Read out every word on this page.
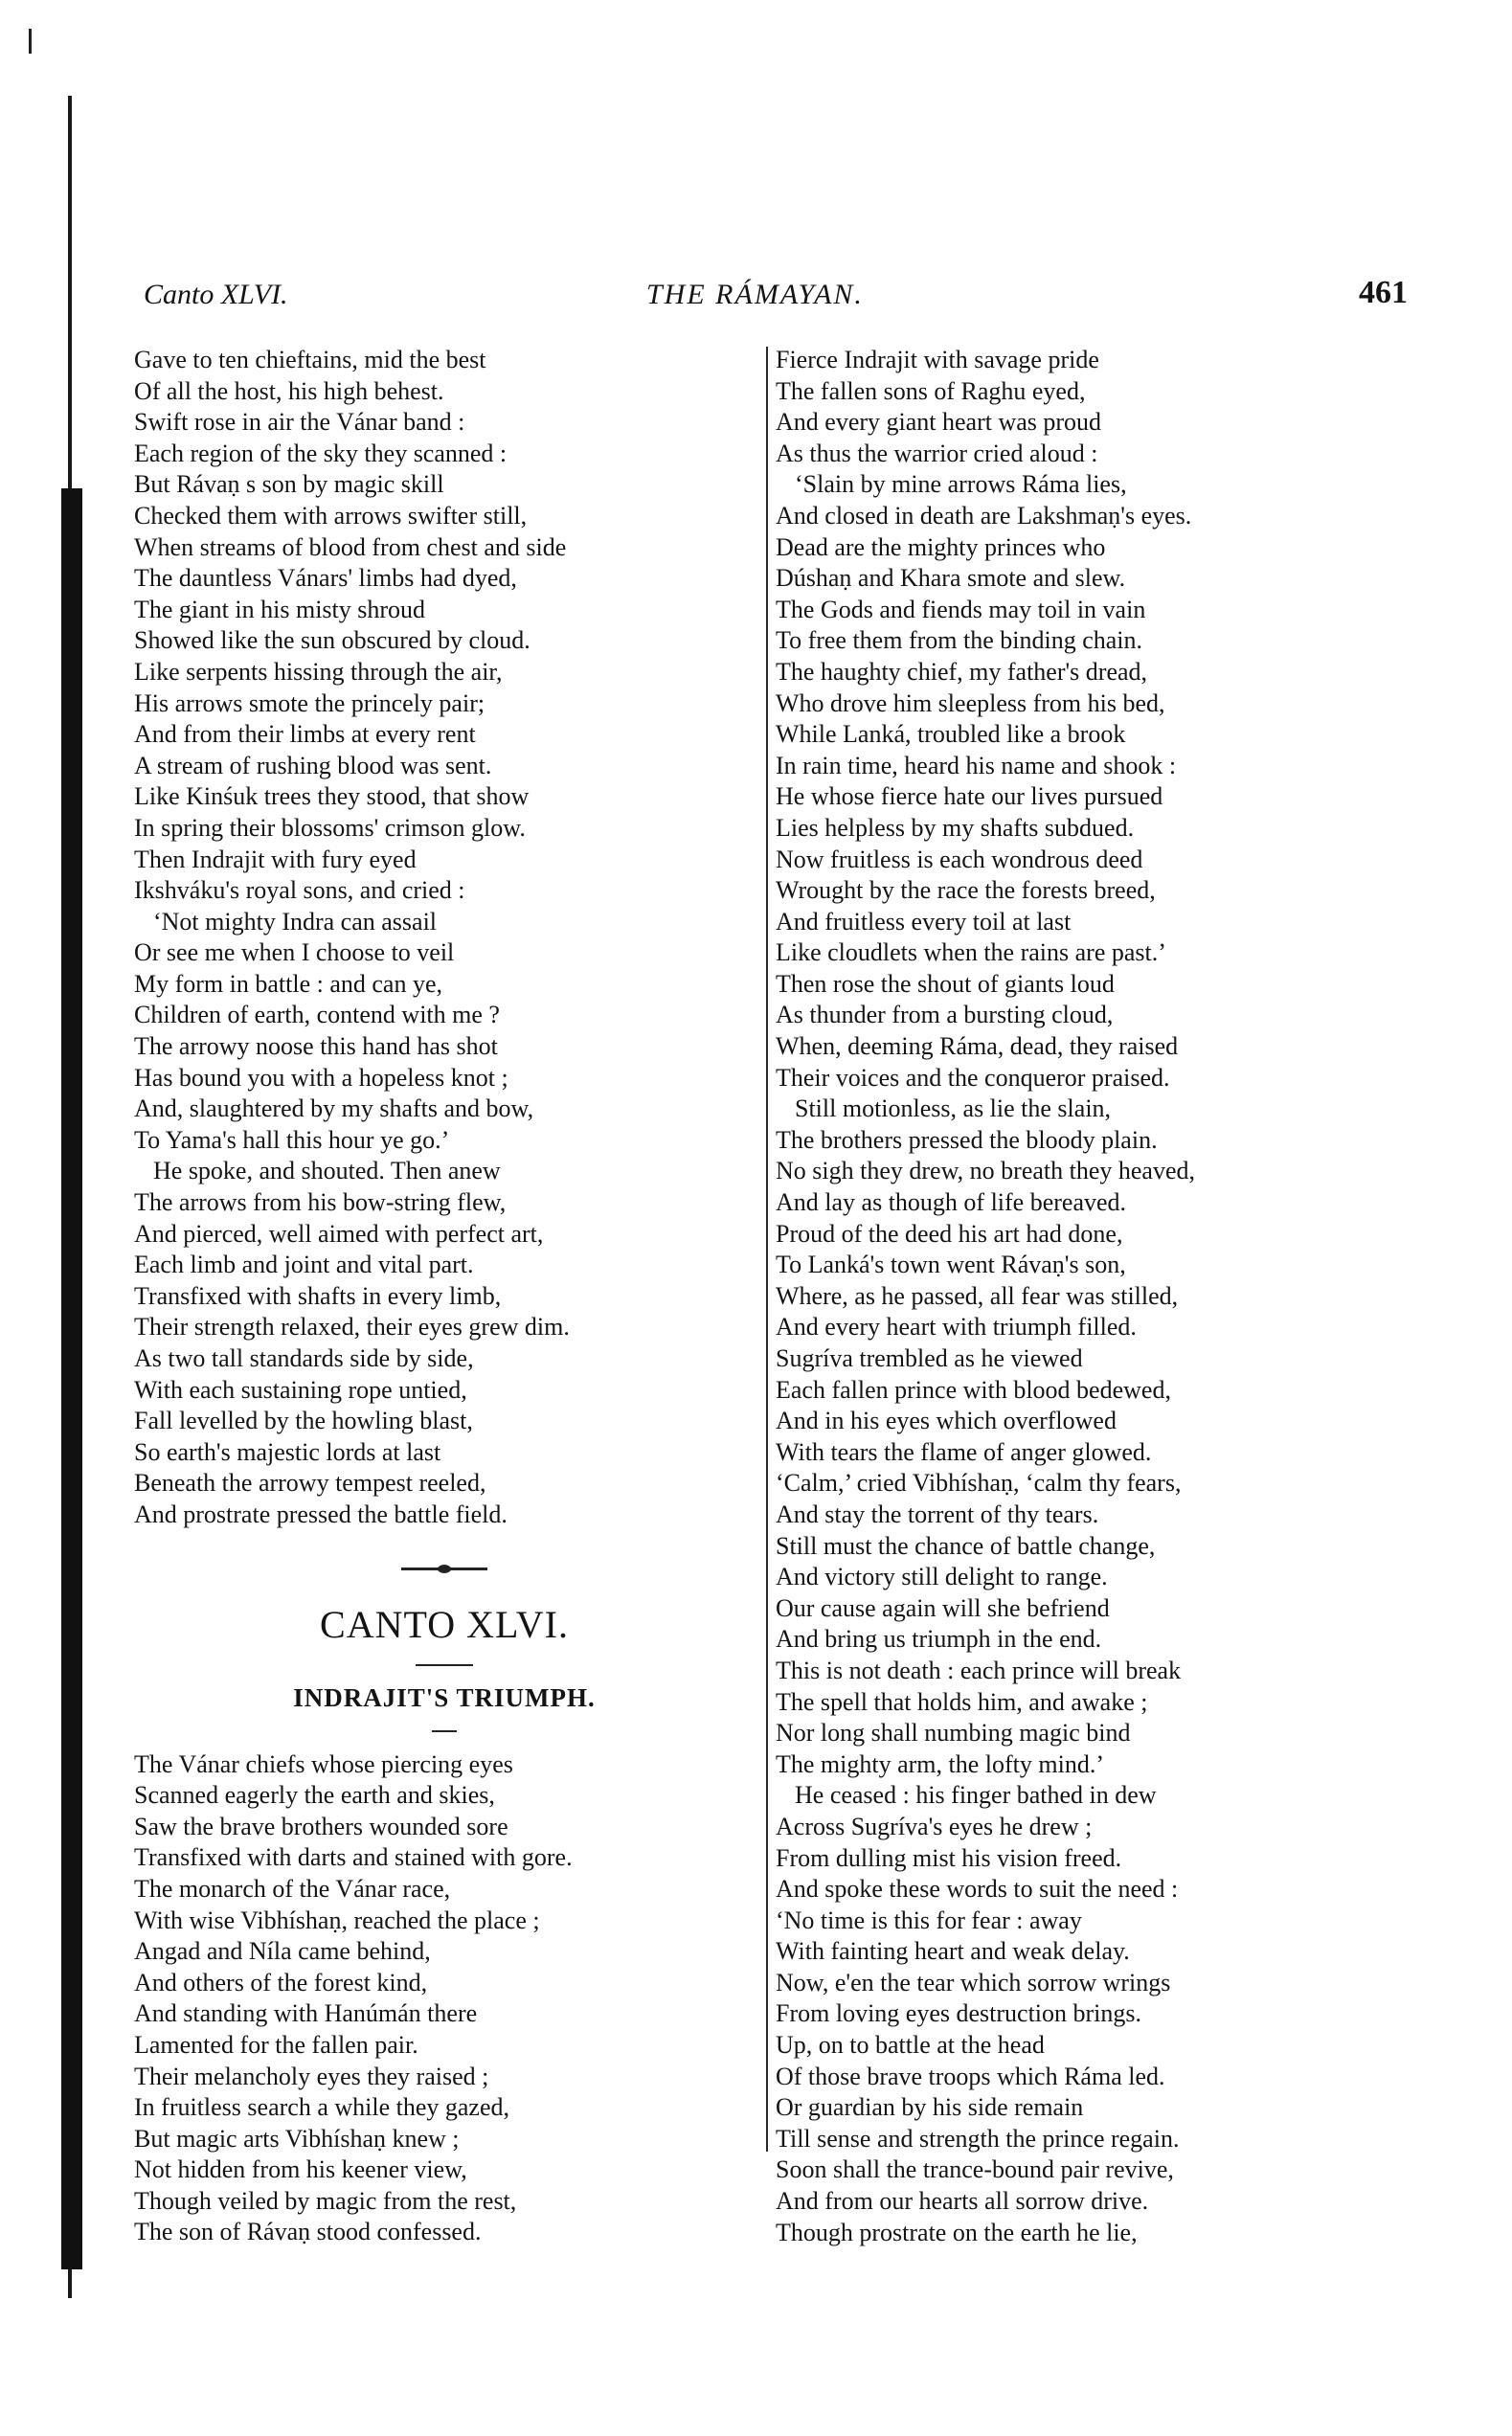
Canto XLVI.	THE RÁMAYAN.	461
Gave to ten chieftains, mid the best
Of all the host, his high behest.
Swift rose in air the Vánar band :
Each region of the sky they scanned :
But Rávaṇ s son by magic skill
Checked them with arrows swifter still,
When streams of blood from chest and side
The dauntless Vánars' limbs had dyed,
The giant in his misty shroud
Showed like the sun obscured by cloud.
Like serpents hissing through the air,
His arrows smote the princely pair;
And from their limbs at every rent
A stream of rushing blood was sent.
Like Kinśuk trees they stood, that show
In spring their blossoms' crimson glow.
Then Indrajit with fury eyed
Ikshváku's royal sons, and cried :
‘Not mighty Indra can assail
Or see me when I choose to veil
My form in battle : and can ye,
Children of earth, contend with me ?
The arrowy noose this hand has shot
Has bound you with a hopeless knot ;
And, slaughtered by my shafts and bow,
To Yama's hall this hour ye go.’
He spoke, and shouted. Then anew
The arrows from his bow-string flew,
And pierced, well aimed with perfect art,
Each limb and joint and vital part.
Transfixed with shafts in every limb,
Their strength relaxed, their eyes grew dim.
As two tall standards side by side,
With each sustaining rope untied,
Fall levelled by the howling blast,
So earth's majestic lords at last
Beneath the arrowy tempest reeled,
And prostrate pressed the battle field.
CANTO XLVI.
INDRAJIT'S TRIUMPH.
The Vánar chiefs whose piercing eyes
Scanned eagerly the earth and skies,
Saw the brave brothers wounded sore
Transfixed with darts and stained with gore.
The monarch of the Vánar race,
With wise Vibhíshaṇ, reached the place ;
Angad and Níla came behind,
And others of the forest kind,
And standing with Hanúmán there
Lamented for the fallen pair.
Their melancholy eyes they raised ;
In fruitless search a while they gazed,
But magic arts Vibhíshaṇ knew ;
Not hidden from his keener view,
Though veiled by magic from the rest,
The son of Rávaṇ stood confessed.
Fierce Indrajit with savage pride
The fallen sons of Raghu eyed,
And every giant heart was proud
As thus the warrior cried aloud :
‘Slain by mine arrows Ráma lies,
And closed in death are Lakshmaṇ's eyes.
Dead are the mighty princes who
Dúshaṇ and Khara smote and slew.
The Gods and fiends may toil in vain
To free them from the binding chain.
The haughty chief, my father's dread,
Who drove him sleepless from his bed,
While Lanká, troubled like a brook
In rain time, heard his name and shook :
He whose fierce hate our lives pursued
Lies helpless by my shafts subdued.
Now fruitless is each wondrous deed
Wrought by the race the forests breed,
And fruitless every toil at last
Like cloudlets when the rains are past.’
Then rose the shout of giants loud
As thunder from a bursting cloud,
When, deeming Ráma, dead, they raised
Their voices and the conqueror praised.
Still motionless, as lie the slain,
The brothers pressed the bloody plain.
No sigh they drew, no breath they heaved,
And lay as though of life bereaved.
Proud of the deed his art had done,
To Lanká's town went Rávaṇ's son,
Where, as he passed, all fear was stilled,
And every heart with triumph filled.
Sugríva trembled as he viewed
Each fallen prince with blood bedewed,
And in his eyes which overflowed
With tears the flame of anger glowed.
‘Calm,’ cried Vibhíshaṇ, ‘calm thy fears,
And stay the torrent of thy tears.
Still must the chance of battle change,
And victory still delight to range.
Our cause again will she befriend
And bring us triumph in the end.
This is not death : each prince will break
The spell that holds him, and awake ;
Nor long shall numbing magic bind
The mighty arm, the lofty mind.’
He ceased : his finger bathed in dew
Across Sugríva's eyes he drew ;
From dulling mist his vision freed.
And spoke these words to suit the need :
‘No time is this for fear : away
With fainting heart and weak delay.
Now, e'en the tear which sorrow wrings
From loving eyes destruction brings.
Up, on to battle at the head
Of those brave troops which Ráma led.
Or guardian by his side remain
Till sense and strength the prince regain.
Soon shall the trance-bound pair revive,
And from our hearts all sorrow drive.
Though prostrate on the earth he lie,
